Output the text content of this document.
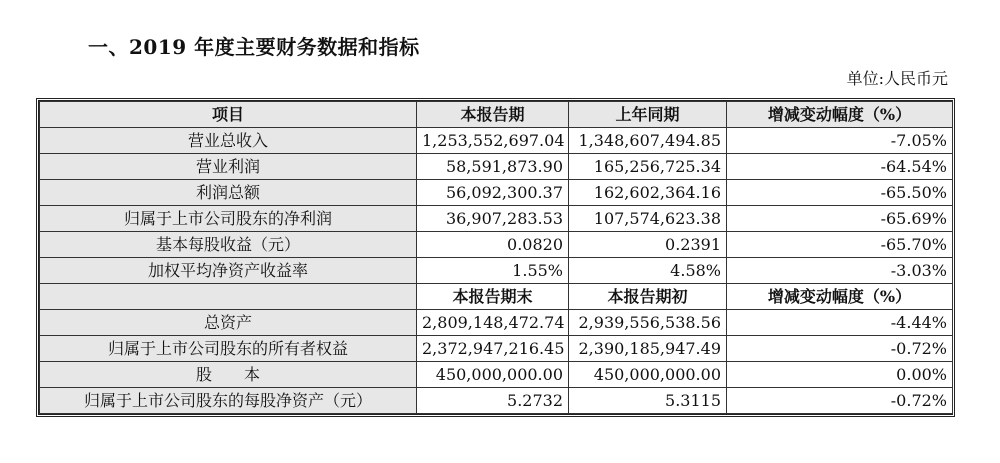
一、2019 年度主要财务数据和指标
单位:人民币元
项目	本报告期	上年同期	增减变动幅度（%）
营业总收入	1,253,552,697.04	1,348,607,494.85	-7.05%
营业利润	58,591,873.90	165,256,725.34	-64.54%
利润总额	56,092,300.37	162,602,364.16	-65.50%
归属于上市公司股东的净利润	36,907,283.53	107,574,623.38	-65.69%
基本每股收益（元）	0.0820	0.2391	-65.70%
加权平均净资产收益率	1.55%	4.58%	-3.03%
	本报告期末	本报告期初	增减变动幅度（%）
总资产	2,809,148,472.74	2,939,556,538.56	-4.44%
归属于上市公司股东的所有者权益	2,372,947,216.45	2,390,185,947.49	-0.72%
股　　本	450,000,000.00	450,000,000.00	0.00%
归属于上市公司股东的每股净资产（元）	5.2732	5.3115	-0.72%
